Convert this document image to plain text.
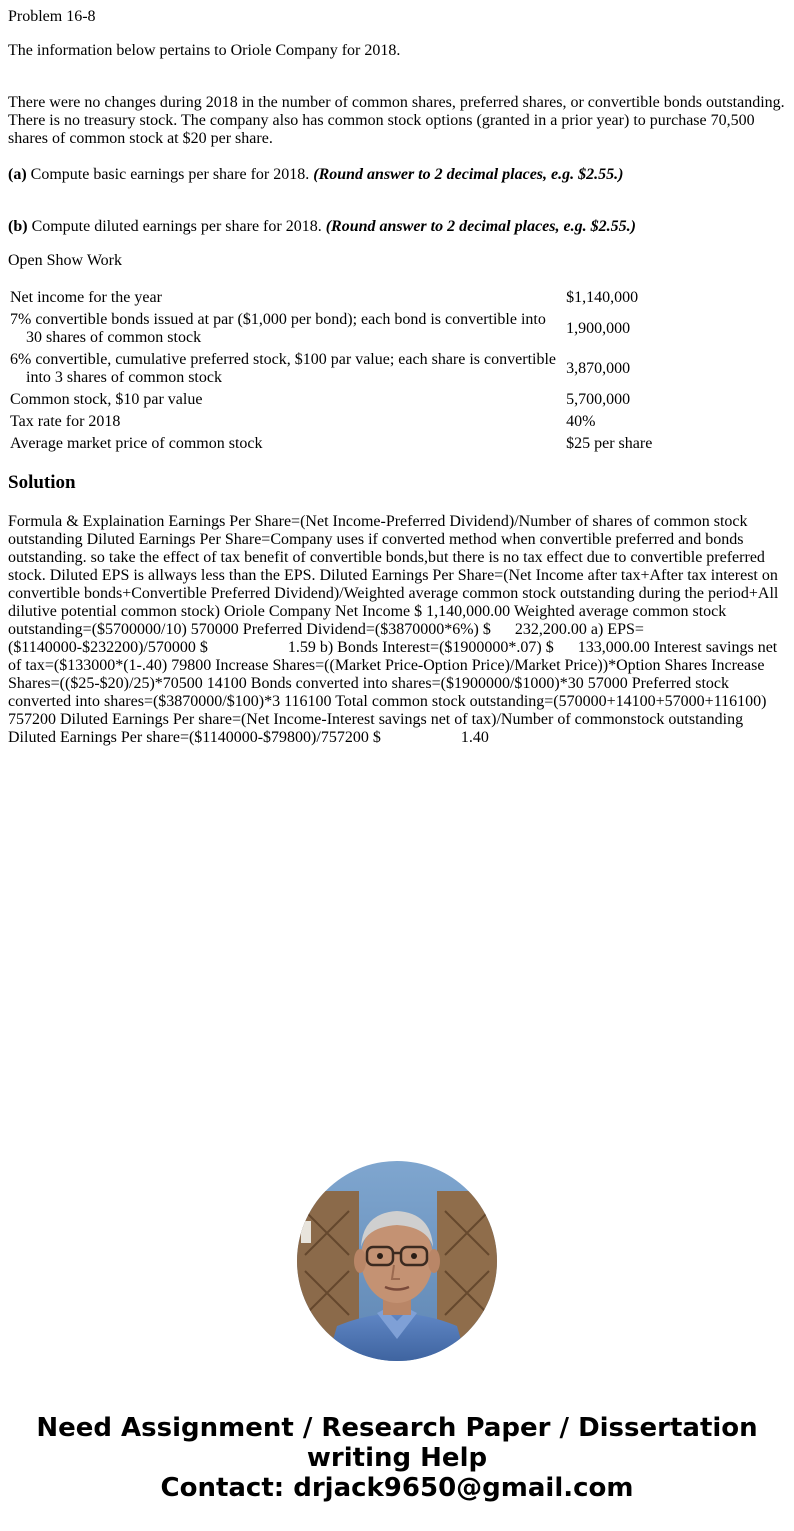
Problem 16-8

The information below pertains to Oriole Company for 2018.

There were no changes during 2018 in the number of common shares, preferred shares, or convertible bonds outstanding. There is no treasury stock. The company also has common stock options (granted in a prior year) to purchase 70,500 shares of common stock at $20 per share.

(a) Compute basic earnings per share for 2018. (Round answer to 2 decimal places, e.g. $2.55.)

(b) Compute diluted earnings per share for 2018. (Round answer to 2 decimal places, e.g. $2.55.)

Open Show Work

Net income for the year	$1,140,000
7% convertible bonds issued at par ($1,000 per bond); each bond is convertible into 30 shares of common stock	1,900,000
6% convertible, cumulative preferred stock, $100 par value; each share is convertible into 3 shares of common stock	3,870,000
Common stock, $10 par value	5,700,000
Tax rate for 2018	40%
Average market price of common stock	$25 per share
Solution

Formula & Explaination Earnings Per Share=(Net Income-Preferred Dividend)/Number of shares of common stock outstanding Diluted Earnings Per Share=Company uses if converted method when convertible preferred and bonds outstanding. so take the effect of tax benefit of convertible bonds,but there is no tax effect due to convertible preferred stock. Diluted EPS is allways less than the EPS. Diluted Earnings Per Share=(Net Income after tax+After tax interest on convertible bonds+Convertible Preferred Dividend)/Weighted average common stock outstanding during the period+All dilutive potential common stock) Oriole Company Net Income $ 1,140,000.00 Weighted average common stock outstanding=($5700000/10) 570000 Preferred Dividend=($3870000*6%) $      232,200.00 a) EPS=($1140000-$232200)/570000 $                    1.59 b) Bonds Interest=($1900000*.07) $      133,000.00 Interest savings net of tax=($133000*(1-.40) 79800 Increase Shares=((Market Price-Option Price)/Market Price))*Option Shares Increase Shares=(($25-$20)/25)*70500 14100 Bonds converted into shares=($1900000/$1000)*30 57000 Preferred stock converted into shares=($3870000/$100)*3 116100 Total common stock outstanding=(570000+14100+57000+116100) 757200 Diluted Earnings Per share=(Net Income-Interest savings net of tax)/Number of commonstock outstanding Diluted Earnings Per share=($1140000-$79800)/757200 $                    1.40

Need Assignment / Research Paper / Dissertation writing Help
Contact: drjack9650@gmail.com
